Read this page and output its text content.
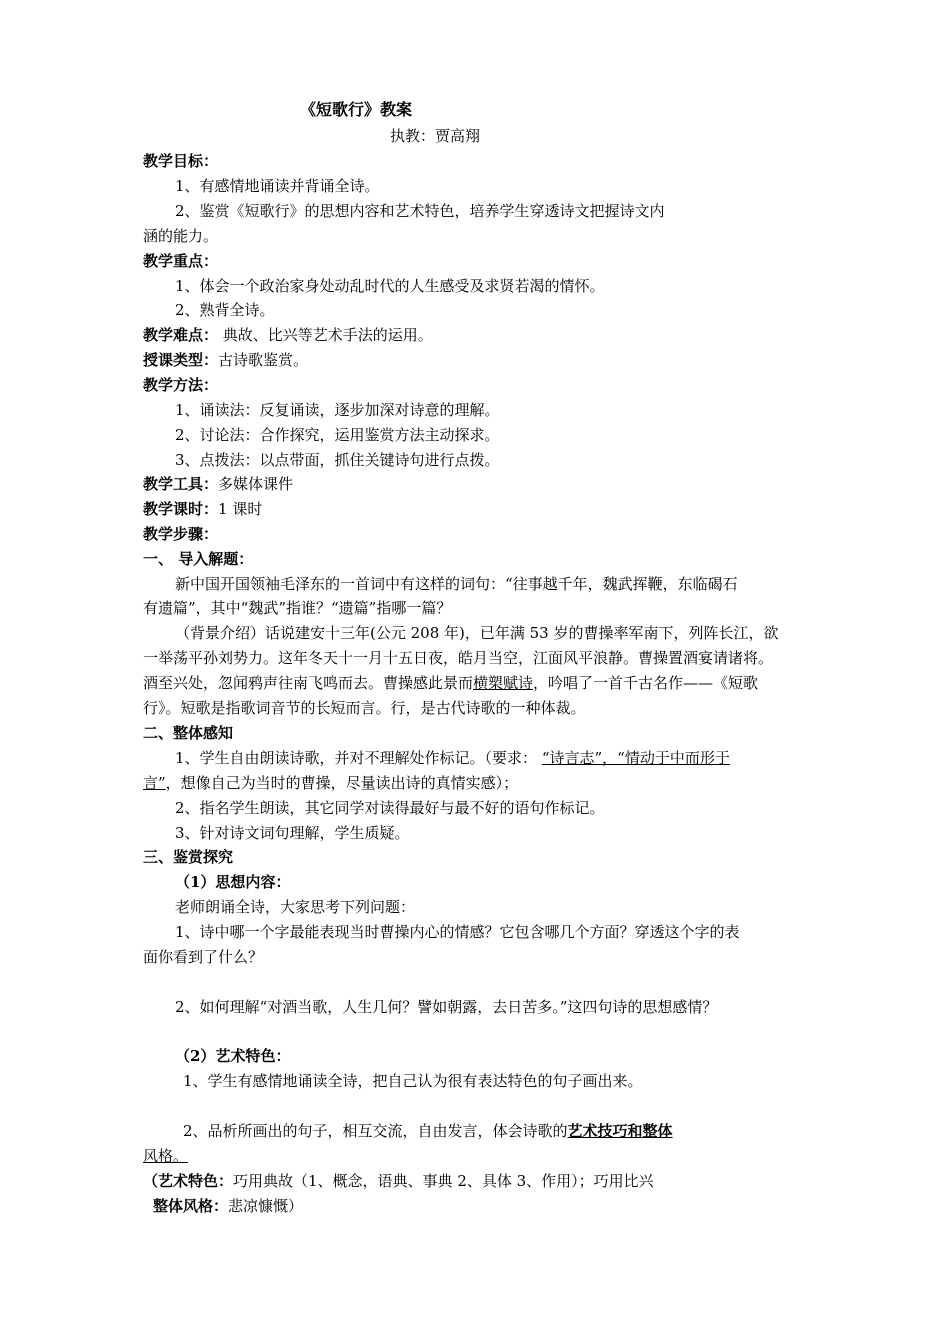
《短歌行》教案
执教：贾高翔
教学目标：
1、有感情地诵读并背诵全诗。
2、鉴赏《短歌行》的思想内容和艺术特色，培养学生穿透诗文把握诗文内
涵的能力。
教学重点：
1、体会一个政治家身处动乱时代的人生感受及求贤若渴的情怀。
2、熟背全诗。
教学难点： 典故、比兴等艺术手法的运用。
授课类型：古诗歌鉴赏。
教学方法：
1、诵读法：反复诵读，逐步加深对诗意的理解。
2、讨论法：合作探究，运用鉴赏方法主动探求。
3、点拨法：以点带面，抓住关键诗句进行点拨。
教学工具：多媒体课件
教学课时：1 课时
教学步骤：
一、 导入解题：
新中国开国领袖毛泽东的一首词中有这样的词句：“往事越千年，魏武挥鞭，东临碣石
有遗篇”，其中“魏武”指谁？“遗篇”指哪一篇？
（背景介绍）话说建安十三年(公元 208 年)，已年满 53 岁的曹操率军南下，列阵长江，欲
一举荡平孙刘势力。这年冬天十一月十五日夜，皓月当空，江面风平浪静。曹操置酒宴请诸将。
酒至兴处，忽闻鸦声往南飞鸣而去。曹操感此景而横槊赋诗，吟唱了一首千古名作——《短歌
行》。短歌是指歌词音节的长短而言。行，是古代诗歌的一种体裁。
二、整体感知
1、学生自由朗读诗歌，并对不理解处作标记。（要求： “诗言志”，“情动于中而形于
言”，想像自己为当时的曹操，尽量读出诗的真情实感）；
2、指名学生朗读，其它同学对读得最好与最不好的语句作标记。
3、针对诗文词句理解，学生质疑。
三、鉴赏探究
（1）思想内容：
老师朗诵全诗，大家思考下列问题：
1、诗中哪一个字最能表现当时曹操内心的情感？它包含哪几个方面？穿透这个字的表
面你看到了什么？
2、如何理解“对酒当歌，人生几何？譬如朝露，去日苦多。”这四句诗的思想感情？
（2）艺术特色：
1、学生有感情地诵读全诗，把自己认为很有表达特色的句子画出来。
2、品析所画出的句子，相互交流，自由发言，体会诗歌的艺术技巧和整体
风格。
（艺术特色：巧用典故（1、概念，语典、事典 2、具体 3、作用）；巧用比兴
整体风格：悲凉慷慨）
